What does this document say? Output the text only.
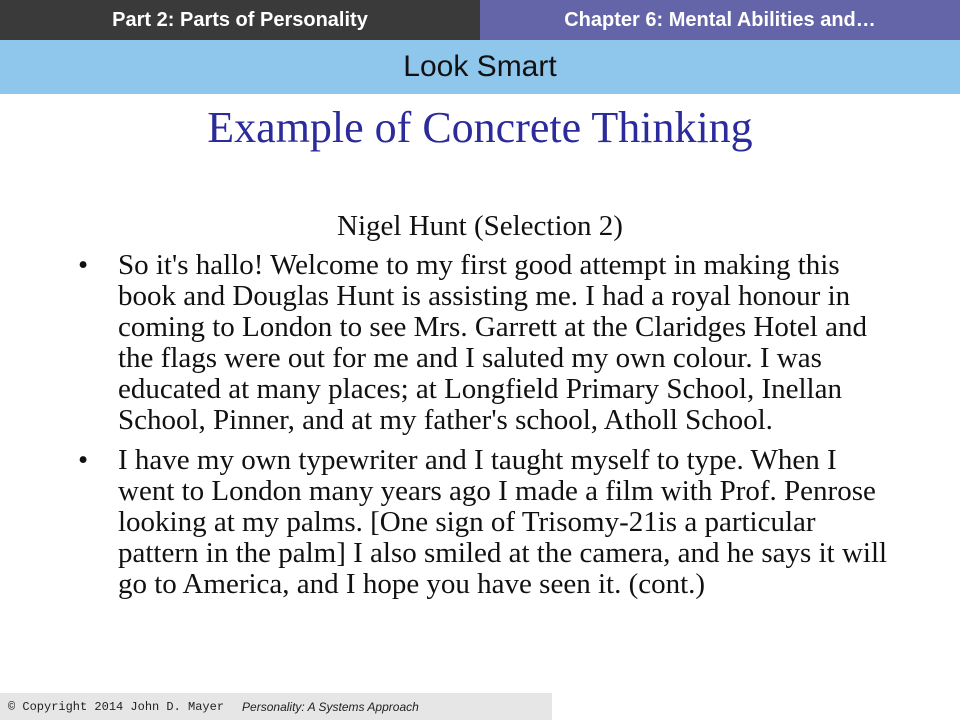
Part 2: Parts of Personality	Chapter 6: Mental Abilities and…
Look Smart
Example of Concrete Thinking
Nigel Hunt (Selection 2)
• So it's hallo! Welcome to my first good attempt in making this book and Douglas Hunt is assisting me. I had a royal honour in coming to London to see Mrs. Garrett at the Claridges Hotel and the flags were out for me and I saluted my own colour. I was educated at many places; at Longfield Primary School, Inellan School, Pinner, and at my father's school, Atholl School.
• I have my own typewriter and I taught myself to type. When I went to London many years ago I made a film with Prof. Penrose looking at my palms. [One sign of Trisomy-21is a particular pattern in the palm] I also smiled at the camera, and he says it will go to America, and I hope you have seen it. (cont.)
© Copyright 2014 John D. Mayer Personality: A Systems Approach
